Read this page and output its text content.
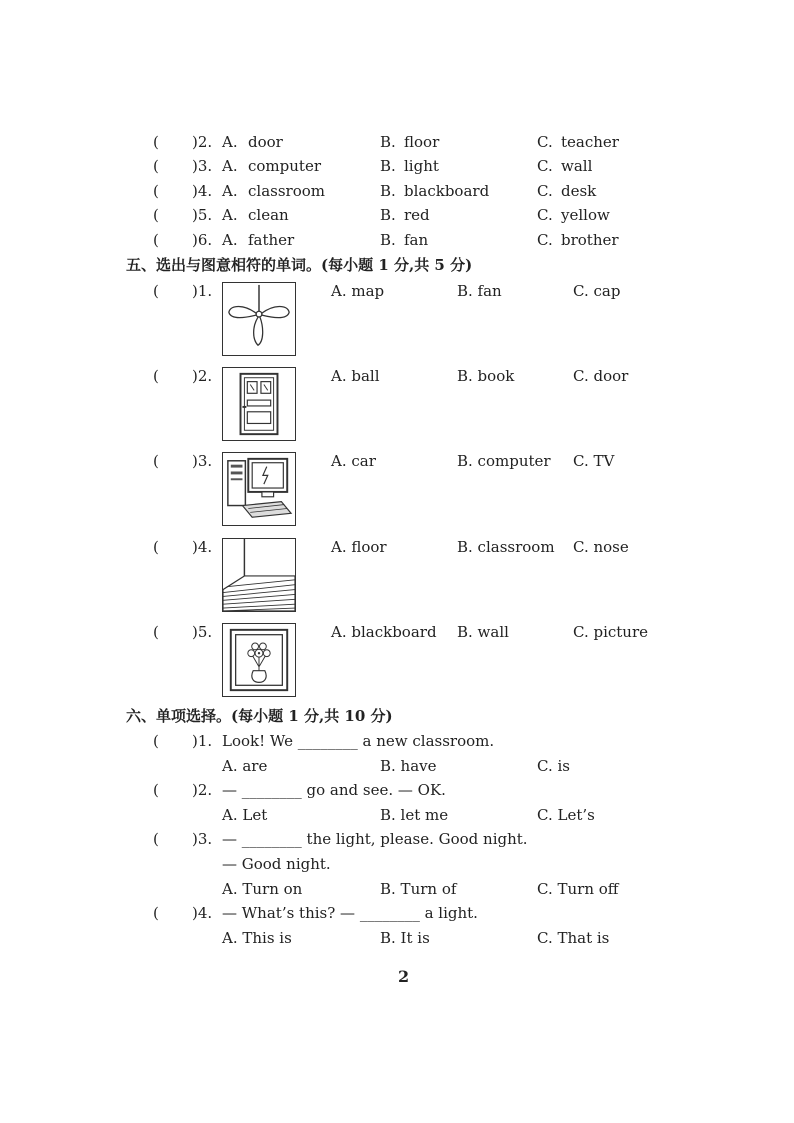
( )2. A. door	B. floor	C. teacher
( )3. A. computer	B. light	C. wall
( )4. A. classroom	B. blackboard	C. desk
( )5. A. clean	B. red	C. yellow
( )6. A. father	B. fan	C. brother
五、选出与图意相符的单词。(每小题 1 分,共 5 分)
( )1.	A. map	B. fan	C. cap
( )2.	A. ball	B. book	C. door
( )3.	A. car	B. computer C. TV
( )4.	A. floor	B. classroom C. nose
( )5.	A. blackboard B. wall	C. picture
六、单项选择。(每小题 1 分,共 10 分)
( )1. Look! We ________ a new classroom.
A. are	B. have	C. is
( )2. — ________ go and see. — OK.
A. Let	B. let me	C. Let’s
( )3. — ________ the light, please. Good night.
— Good night.
A. Turn on	B. Turn of	C. Turn off
( )4. — What’s this? — ________ a light.
A. This is	B. It is	C. That is
2
